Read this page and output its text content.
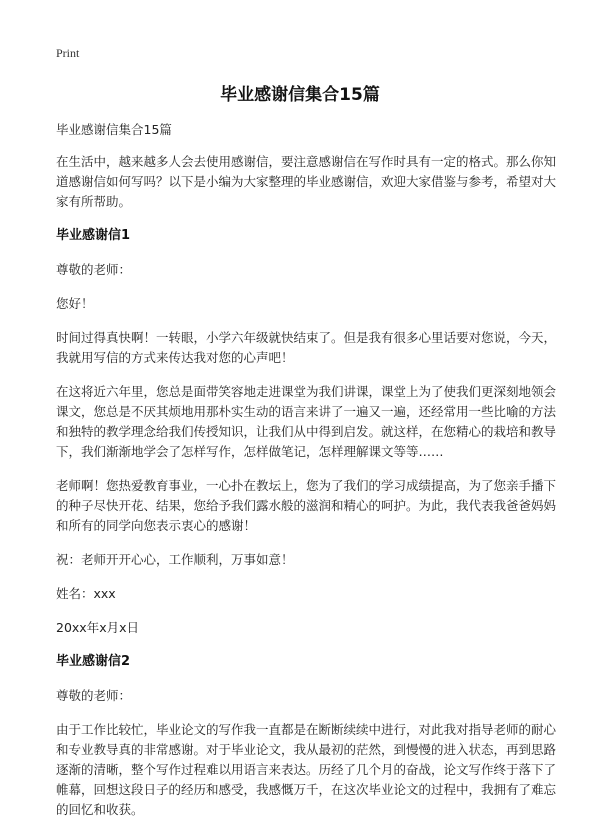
Print
毕业感谢信集合15篇

毕业感谢信集合15篇

在生活中，越来越多人会去使用感谢信，要注意感谢信在写作时具有一定的格式。那么你知道感谢信如何写吗？以下是小编为大家整理的毕业感谢信，欢迎大家借鉴与参考，希望对大家有所帮助。

毕业感谢信1

尊敬的老师：

您好！

时间过得真快啊！一转眼，小学六年级就快结束了。但是我有很多心里话要对您说，今天，我就用写信的方式来传达我对您的心声吧！

在这将近六年里，您总是面带笑容地走进课堂为我们讲课，课堂上为了使我们更深刻地领会课文，您总是不厌其烦地用那朴实生动的语言来讲了一遍又一遍，还经常用一些比喻的方法和独特的教学理念给我们传授知识，让我们从中得到启发。就这样，在您精心的栽培和教导下，我们渐渐地学会了怎样写作，怎样做笔记，怎样理解课文等等……

老师啊！您热爱教育事业，一心扑在教坛上，您为了我们的学习成绩提高，为了您亲手播下的种子尽快开花、结果，您给予我们露水般的滋润和精心的呵护。为此，我代表我爸爸妈妈和所有的同学向您表示衷心的感谢！

祝：老师开开心心，工作顺利，万事如意！

姓名：xxx

20xx年x月x日

毕业感谢信2

尊敬的老师：

由于工作比较忙，毕业论文的写作我一直都是在断断续续中进行，对此我对指导老师的耐心和专业教导真的非常感谢。对于毕业论文，我从最初的茫然，到慢慢的进入状态，再到思路逐渐的清晰，整个写作过程难以用语言来表达。历经了几个月的奋战，论文写作终于落下了帷幕，回想这段日子的经历和感受，我感慨万千，在这次毕业论文的过程中，我拥有了难忘的回忆和收获。
